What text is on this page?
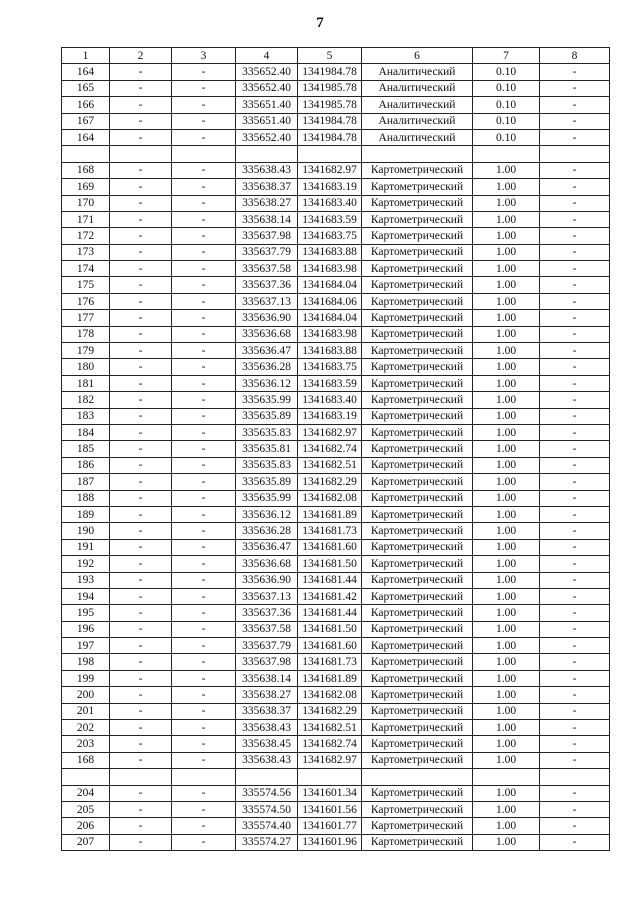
7
1	2	3	4	5	6	7	8
164	-	-	335652.40	1341984.78	Аналитический	0.10	-
165	-	-	335652.40	1341985.78	Аналитический	0.10	-
166	-	-	335651.40	1341985.78	Аналитический	0.10	-
167	-	-	335651.40	1341984.78	Аналитический	0.10	-
164	-	-	335652.40	1341984.78	Аналитический	0.10	-

168	-	-	335638.43	1341682.97	Картометрический	1.00	-
169	-	-	335638.37	1341683.19	Картометрический	1.00	-
170	-	-	335638.27	1341683.40	Картометрический	1.00	-
171	-	-	335638.14	1341683.59	Картометрический	1.00	-
172	-	-	335637.98	1341683.75	Картометрический	1.00	-
173	-	-	335637.79	1341683.88	Картометрический	1.00	-
174	-	-	335637.58	1341683.98	Картометрический	1.00	-
175	-	-	335637.36	1341684.04	Картометрический	1.00	-
176	-	-	335637.13	1341684.06	Картометрический	1.00	-
177	-	-	335636.90	1341684.04	Картометрический	1.00	-
178	-	-	335636.68	1341683.98	Картометрический	1.00	-
179	-	-	335636.47	1341683.88	Картометрический	1.00	-
180	-	-	335636.28	1341683.75	Картометрический	1.00	-
181	-	-	335636.12	1341683.59	Картометрический	1.00	-
182	-	-	335635.99	1341683.40	Картометрический	1.00	-
183	-	-	335635.89	1341683.19	Картометрический	1.00	-
184	-	-	335635.83	1341682.97	Картометрический	1.00	-
185	-	-	335635.81	1341682.74	Картометрический	1.00	-
186	-	-	335635.83	1341682.51	Картометрический	1.00	-
187	-	-	335635.89	1341682.29	Картометрический	1.00	-
188	-	-	335635.99	1341682.08	Картометрический	1.00	-
189	-	-	335636.12	1341681.89	Картометрический	1.00	-
190	-	-	335636.28	1341681.73	Картометрический	1.00	-
191	-	-	335636.47	1341681.60	Картометрический	1.00	-
192	-	-	335636.68	1341681.50	Картометрический	1.00	-
193	-	-	335636.90	1341681.44	Картометрический	1.00	-
194	-	-	335637.13	1341681.42	Картометрический	1.00	-
195	-	-	335637.36	1341681.44	Картометрический	1.00	-
196	-	-	335637.58	1341681.50	Картометрический	1.00	-
197	-	-	335637.79	1341681.60	Картометрический	1.00	-
198	-	-	335637.98	1341681.73	Картометрический	1.00	-
199	-	-	335638.14	1341681.89	Картометрический	1.00	-
200	-	-	335638.27	1341682.08	Картометрический	1.00	-
201	-	-	335638.37	1341682.29	Картометрический	1.00	-
202	-	-	335638.43	1341682.51	Картометрический	1.00	-
203	-	-	335638.45	1341682.74	Картометрический	1.00	-
168	-	-	335638.43	1341682.97	Картометрический	1.00	-

204	-	-	335574.56	1341601.34	Картометрический	1.00	-
205	-	-	335574.50	1341601.56	Картометрический	1.00	-
206	-	-	335574.40	1341601.77	Картометрический	1.00	-
207	-	-	335574.27	1341601.96	Картометрический	1.00	-
